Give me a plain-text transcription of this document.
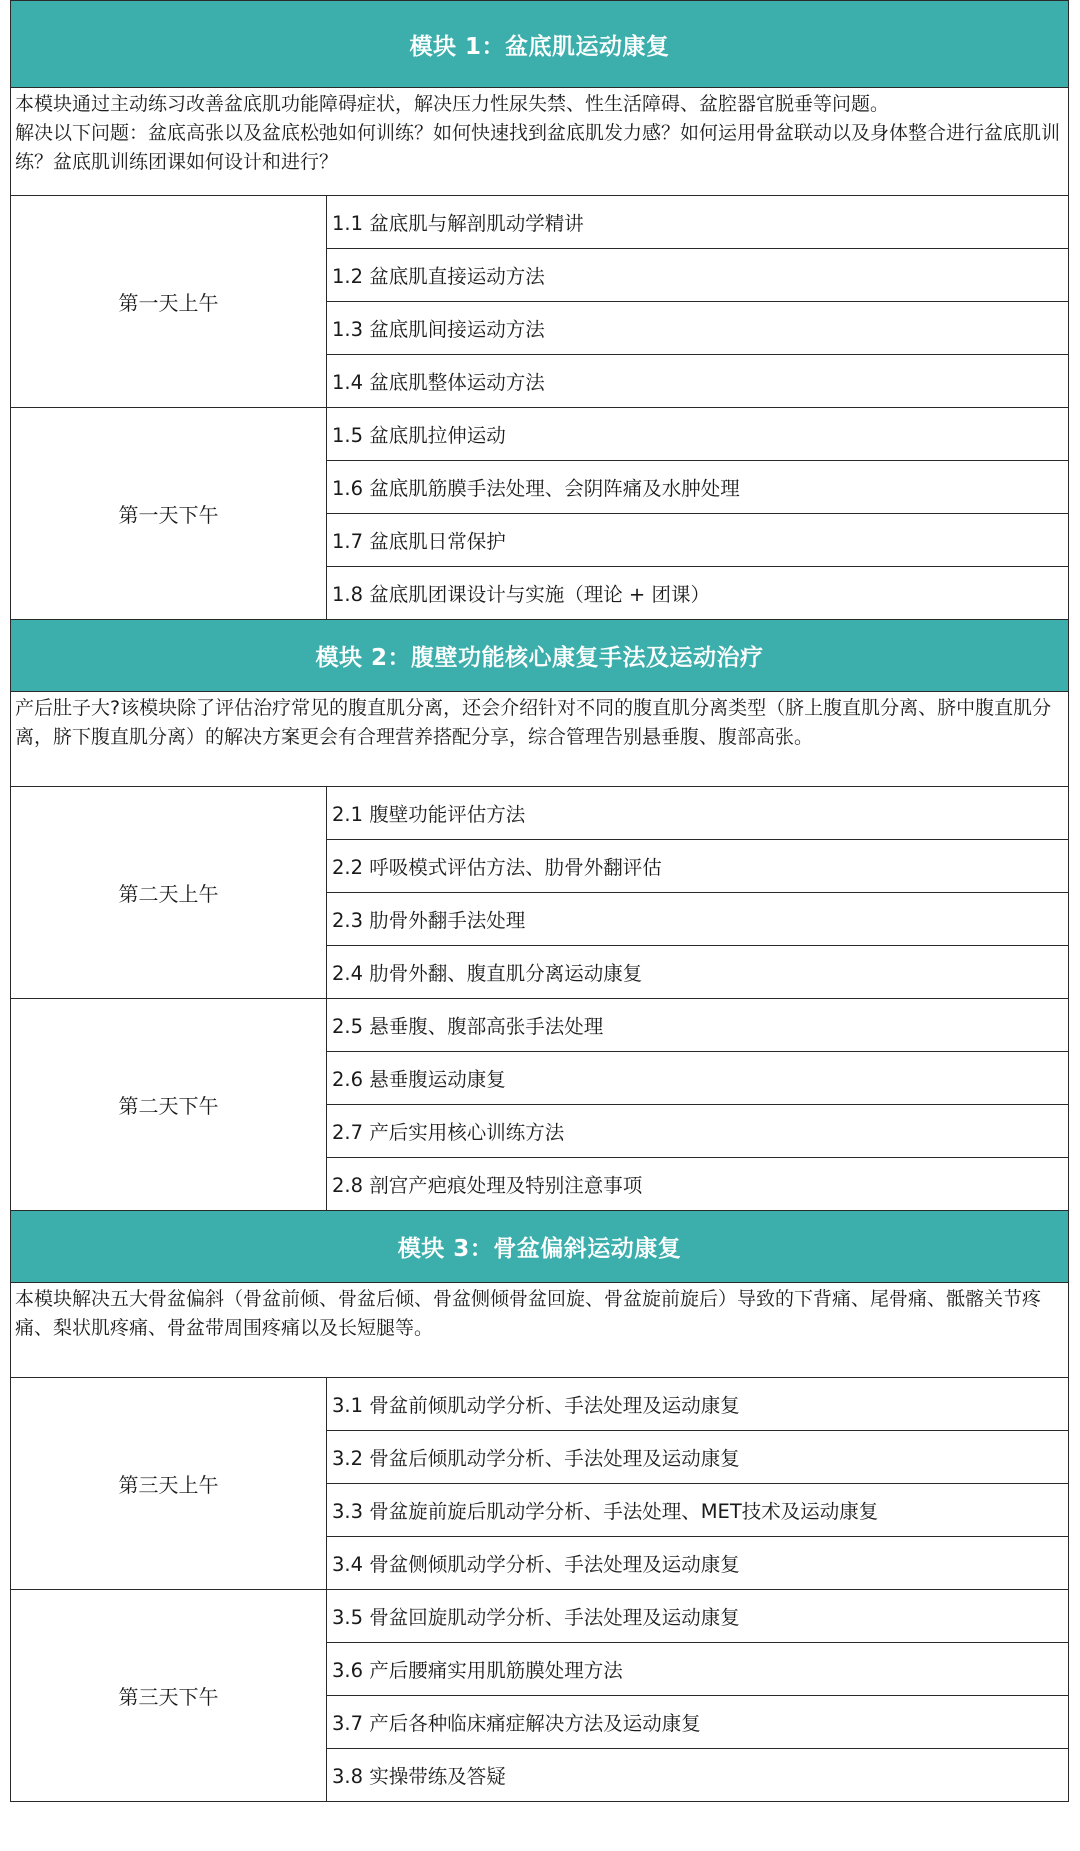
模块 1：盆底肌运动康复	

本模块通过主动练习改善盆底肌功能障碍症状，解决压力性尿失禁、性生活障碍、盆腔器官脱垂等问题。

解决以下问题：盆底高张以及盆底松弛如何训练？如何快速找到盆底肌发力感？如何运用骨盆联动以及身体整合进行盆底肌训练？盆底肌训练团课如何设计和进行？	

第一天上午	1.1 盆底肌与解剖肌动学精讲
	1.2 盆底肌直接运动方法
	1.3 盆底肌间接运动方法
	1.4 盆底肌整体运动方法
第一天下午	1.5 盆底肌拉伸运动
	1.6 盆底肌筋膜手法处理、会阴阵痛及水肿处理
	1.7 盆底肌日常保护
	1.8 盆底肌团课设计与实施（理论 + 团课）
模块 2：腹壁功能核心康复手法及运动治疗	

产后肚子大?该模块除了评估治疗常见的腹直肌分离，还会介绍针对不同的腹直肌分离类型（脐上腹直肌分离、脐中腹直肌分离，脐下腹直肌分离）的解决方案更会有合理营养搭配分享，综合管理告别悬垂腹、腹部高张。	

第二天上午	2.1 腹壁功能评估方法
	2.2 呼吸模式评估方法、肋骨外翻评估
	2.3 肋骨外翻手法处理
	2.4 肋骨外翻、腹直肌分离运动康复
第二天下午	2.5 悬垂腹、腹部高张手法处理
	2.6 悬垂腹运动康复
	2.7 产后实用核心训练方法
	2.8 剖宫产疤痕处理及特别注意事项
模块 3：骨盆偏斜运动康复	

本模块解决五大骨盆偏斜（骨盆前倾、骨盆后倾、骨盆侧倾骨盆回旋、骨盆旋前旋后）导致的下背痛、尾骨痛、骶髂关节疼痛、梨状肌疼痛、骨盆带周围疼痛以及长短腿等。	

第三天上午	3.1 骨盆前倾肌动学分析、手法处理及运动康复
	3.2 骨盆后倾肌动学分析、手法处理及运动康复
	3.3 骨盆旋前旋后肌动学分析、手法处理、MET技术及运动康复
	3.4 骨盆侧倾肌动学分析、手法处理及运动康复
第三天下午	3.5 骨盆回旋肌动学分析、手法处理及运动康复
	3.6 产后腰痛实用肌筋膜处理方法
	3.7 产后各种临床痛症解决方法及运动康复
	3.8 实操带练及答疑
